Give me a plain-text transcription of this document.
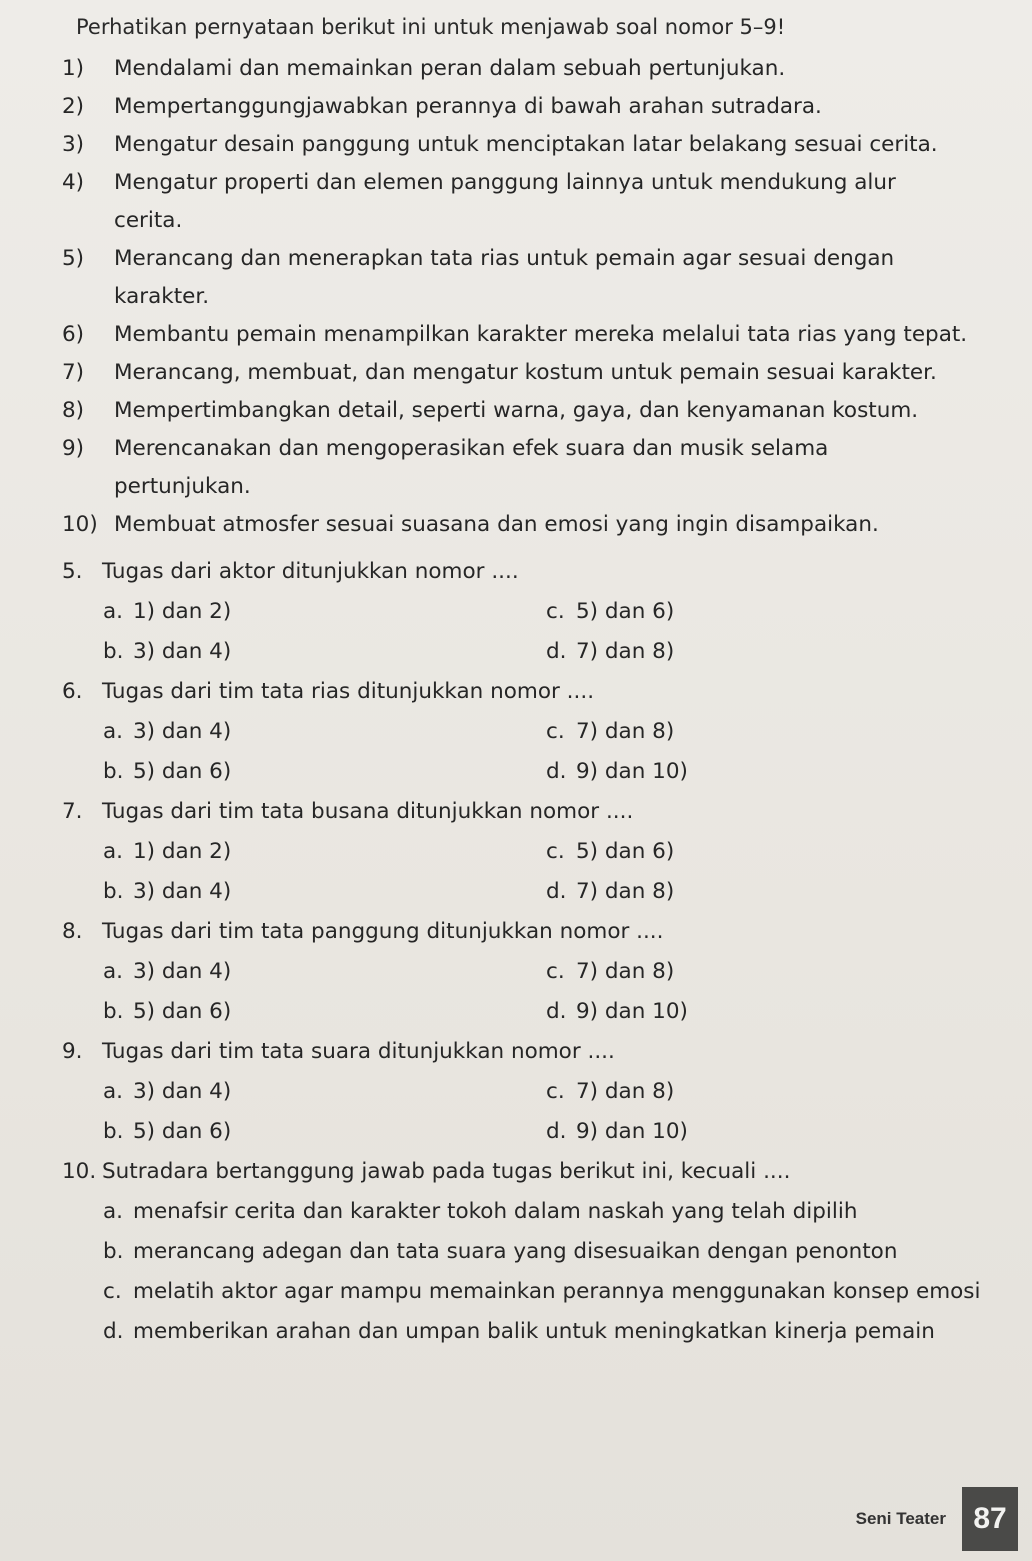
Perhatikan pernyataan berikut ini untuk menjawab soal nomor 5–9!
1)	Mendalami dan memainkan peran dalam sebuah pertunjukan.
2)	Mempertanggungjawabkan perannya di bawah arahan sutradara.
3)	Mengatur desain panggung untuk menciptakan latar belakang sesuai cerita.
4)	Mengatur properti dan elemen panggung lainnya untuk mendukung alur
cerita.
5)	Merancang dan menerapkan tata rias untuk pemain agar sesuai dengan
karakter.
6)	Membantu pemain menampilkan karakter mereka melalui tata rias yang tepat.
7)	Merancang, membuat, dan mengatur kostum untuk pemain sesuai karakter.
8)	Mempertimbangkan detail, seperti warna, gaya, dan kenyamanan kostum.
9)	Merencanakan dan mengoperasikan efek suara dan musik selama
pertunjukan.
10) Membuat atmosfer sesuai suasana dan emosi yang ingin disampaikan.
5. Tugas dari aktor ditunjukkan nomor ....
a. 1) dan 2)	c. 5) dan 6)
b. 3) dan 4)	d. 7) dan 8)
6. Tugas dari tim tata rias ditunjukkan nomor ....
a. 3) dan 4)	c. 7) dan 8)
b. 5) dan 6)	d. 9) dan 10)
7. Tugas dari tim tata busana ditunjukkan nomor ....
a. 1) dan 2)	c. 5) dan 6)
b. 3) dan 4)	d. 7) dan 8)
8. Tugas dari tim tata panggung ditunjukkan nomor ....
a. 3) dan 4)	c. 7) dan 8)
b. 5) dan 6)	d. 9) dan 10)
9. Tugas dari tim tata suara ditunjukkan nomor ....
a. 3) dan 4)	c. 7) dan 8)
b. 5) dan 6)	d. 9) dan 10)
10. Sutradara bertanggung jawab pada tugas berikut ini, kecuali ....
a. menafsir cerita dan karakter tokoh dalam naskah yang telah dipilih
b. merancang adegan dan tata suara yang disesuaikan dengan penonton
c. melatih aktor agar mampu memainkan perannya menggunakan konsep emosi
d. memberikan arahan dan umpan balik untuk meningkatkan kinerja pemain
Seni Teater 87
